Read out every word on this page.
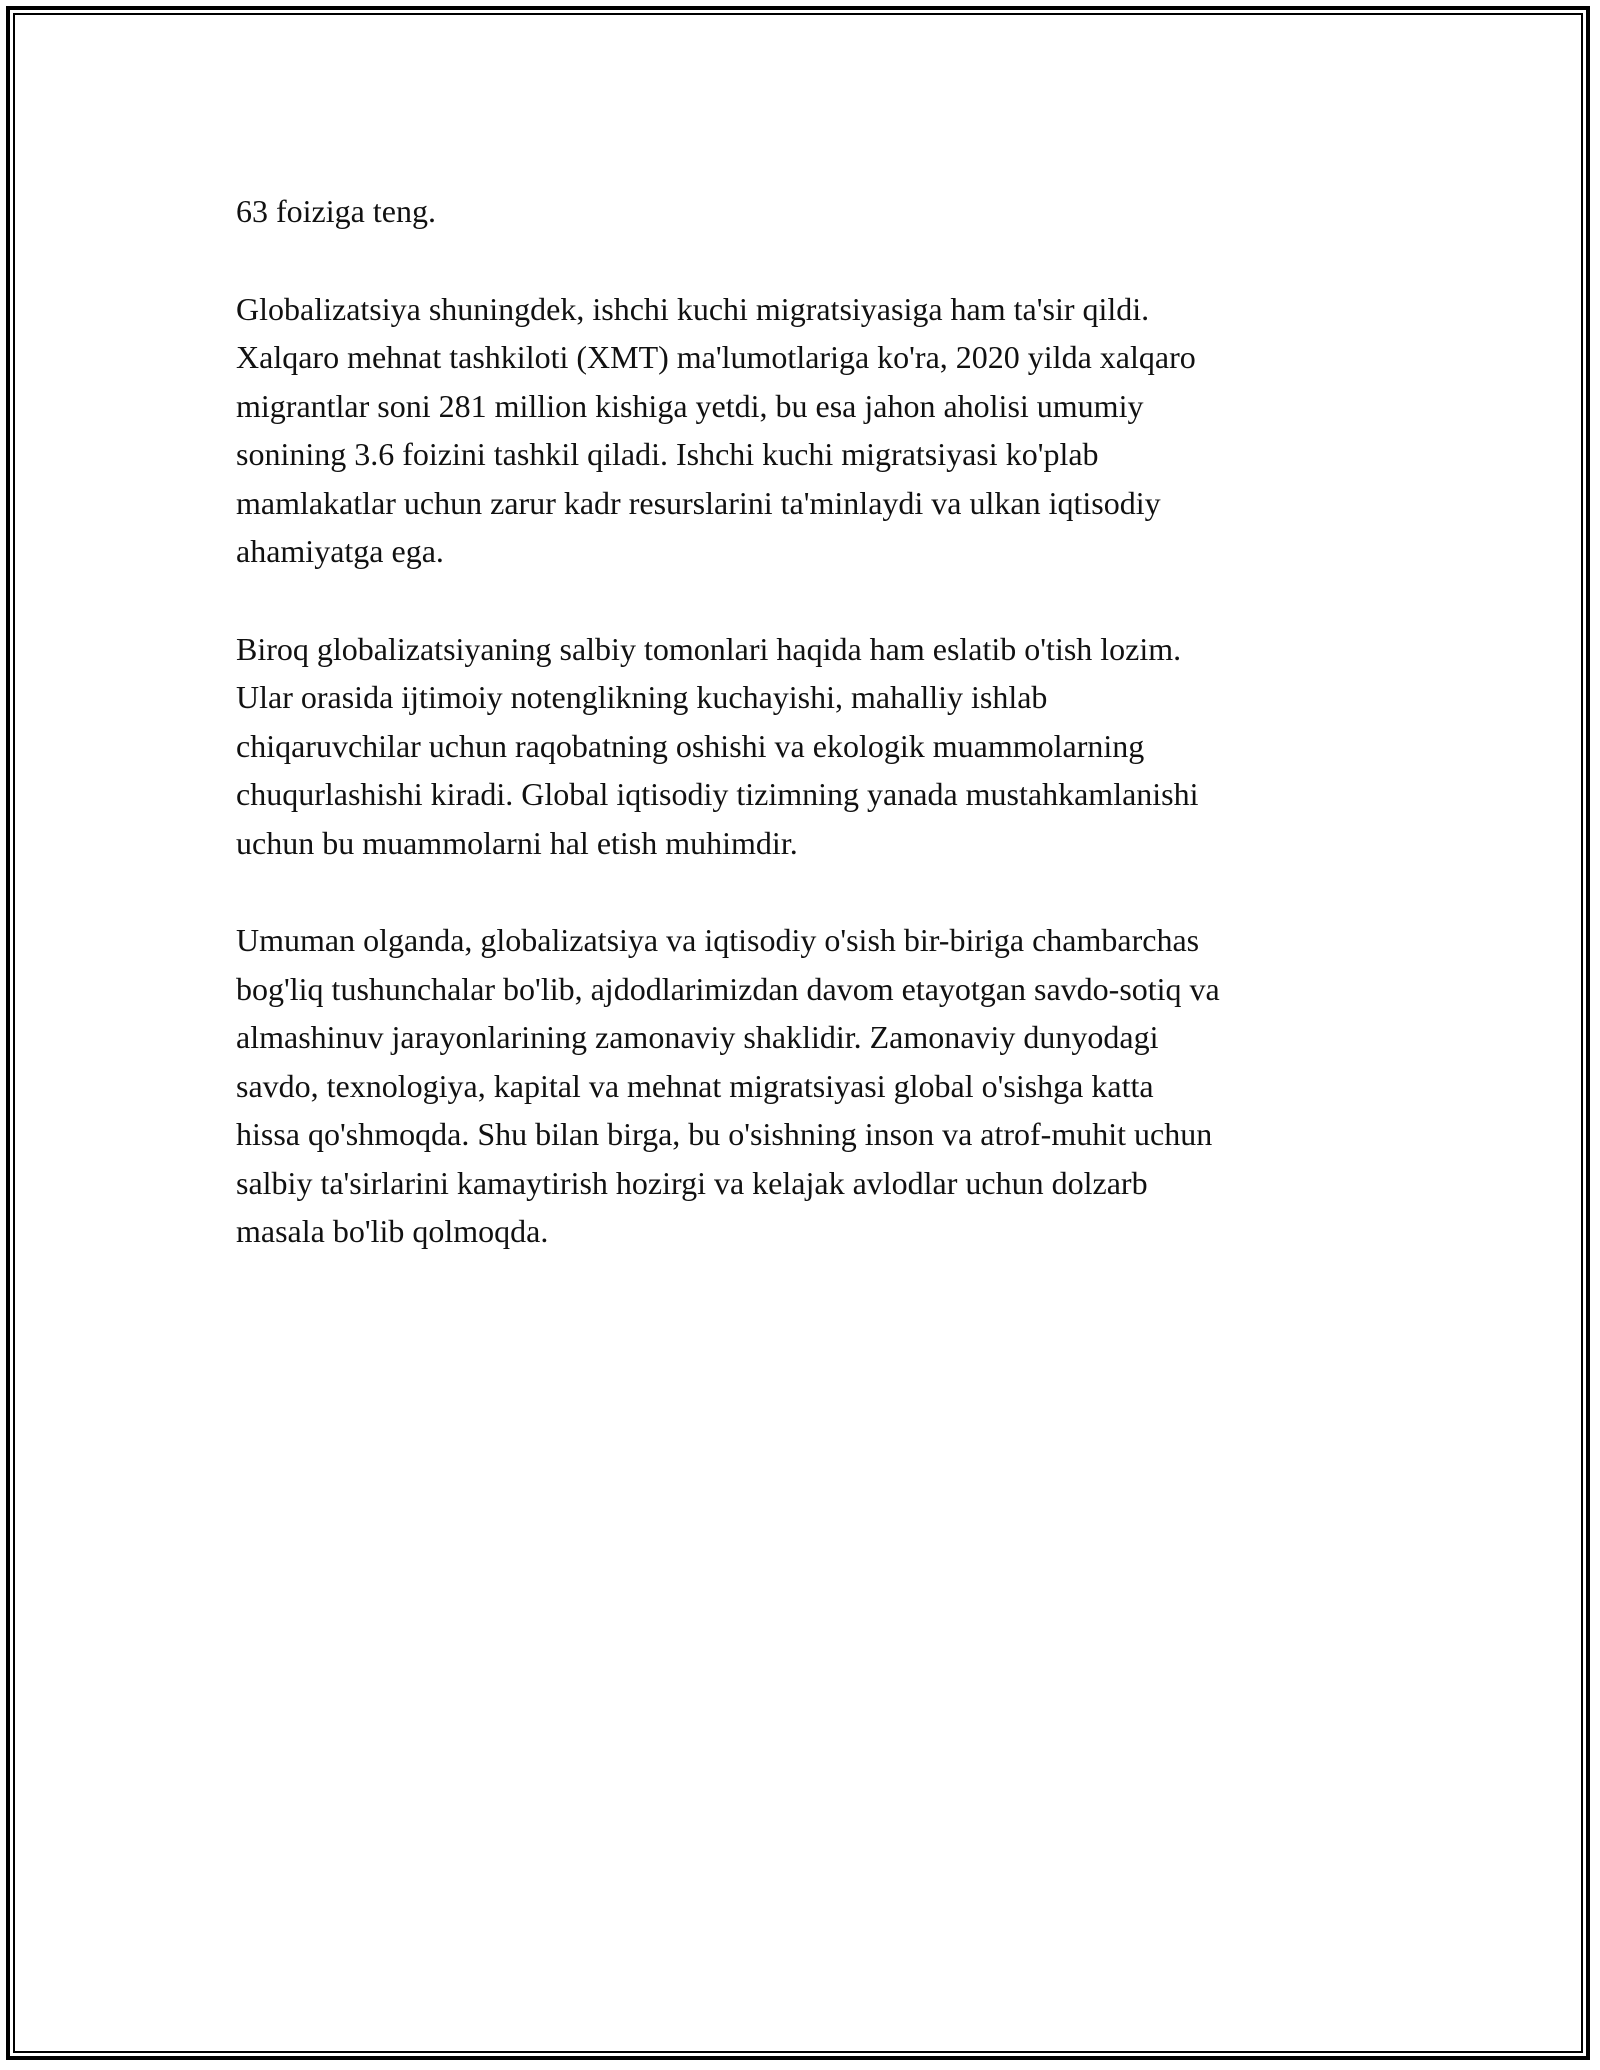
63 foiziga teng.

Globalizatsiya shuningdek, ishchi kuchi migratsiyasiga ham ta'sir qildi.
Xalqaro mehnat tashkiloti (XMT) ma'lumotlariga ko'ra, 2020 yilda xalqaro
migrantlar soni 281 million kishiga yetdi, bu esa jahon aholisi umumiy
sonining 3.6 foizini tashkil qiladi. Ishchi kuchi migratsiyasi ko'plab
mamlakatlar uchun zarur kadr resurslarini ta'minlaydi va ulkan iqtisodiy
ahamiyatga ega.

Biroq globalizatsiyaning salbiy tomonlari haqida ham eslatib o'tish lozim.
Ular orasida ijtimoiy notenglikning kuchayishi, mahalliy ishlab
chiqaruvchilar uchun raqobatning oshishi va ekologik muammolarning
chuqurlashishi kiradi. Global iqtisodiy tizimning yanada mustahkamlanishi
uchun bu muammolarni hal etish muhimdir.

Umuman olganda, globalizatsiya va iqtisodiy o'sish bir-biriga chambarchas
bog'liq tushunchalar bo'lib, ajdodlarimizdan davom etayotgan savdo-sotiq va
almashinuv jarayonlarining zamonaviy shaklidir. Zamonaviy dunyodagi
savdo, texnologiya, kapital va mehnat migratsiyasi global o'sishga katta
hissa qo'shmoqda. Shu bilan birga, bu o'sishning inson va atrof-muhit uchun
salbiy ta'sirlarini kamaytirish hozirgi va kelajak avlodlar uchun dolzarb
masala bo'lib qolmoqda.
